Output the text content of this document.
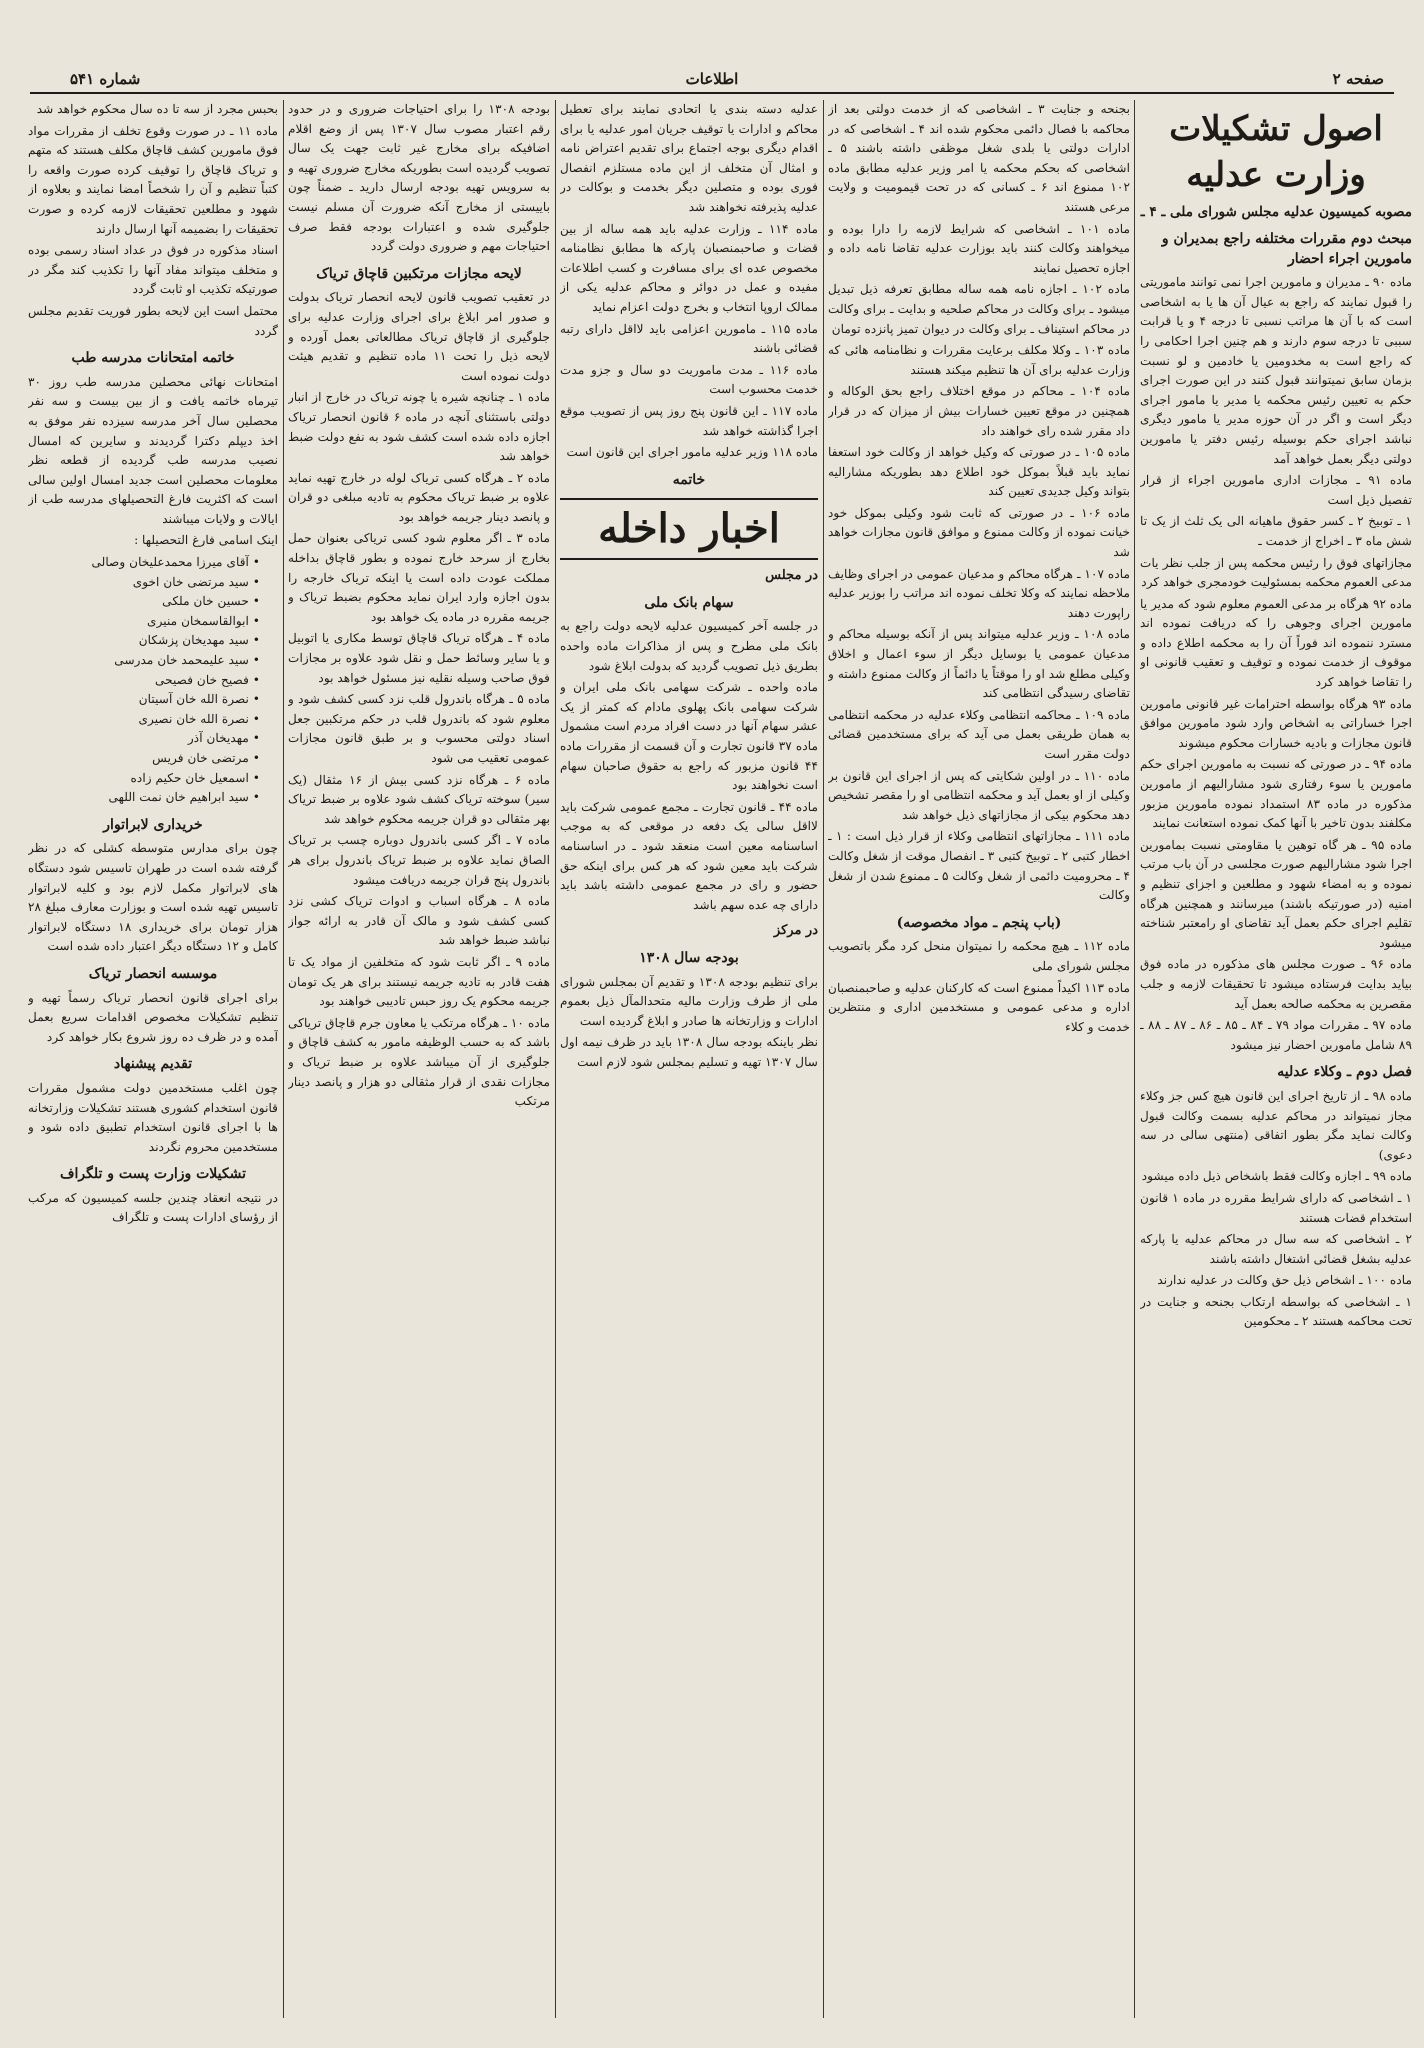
صفحه ۲
اطلاعات
شماره ۵۴۱
اصول تشکیلات وزارت عدلیه
مصوبه کمیسیون عدلیه مجلس شورای ملی ـ ۴ ـ
مبحث دوم مقررات مختلفه راجع بمدیران و مامورین اجراء احضار

ماده ۹۰ ـ مدیران و مامورین اجرا نمی توانند ماموریتی را قبول نمایند که راجع به عیال آن ها یا به اشخاصی است که با آن ها مراتب نسبی تا درجه ۴ و یا قرابت سببی تا درجه سوم دارند و هم چنین اجرا احکامی را که راجع است به مخدومین یا خادمین و لو نسبت بزمان سابق نمیتوانند قبول کنند در این صورت اجرای حکم به تعیین رئیس محکمه یا مدیر یا مامور اجرای دیگر است و اگر در آن حوزه مدیر یا مامور دیگری نباشد اجرای حکم بوسیله رئیس دفتر یا مامورین دولتی دیگر بعمل خواهد آمد

ماده ۹۱ ـ مجازات اداری مامورین اجراء از قرار تفصیل ذیل است

۱ ـ توبیخ ۲ ـ کسر حقوق ماهیانه الی یک ثلث از یک تا شش ماه ۳ ـ اخراج از خدمت ـ

مجازاتهای فوق را رئیس محکمه پس از جلب نظر یات مدعی العموم محکمه بمسئولیت خودمجری خواهد کرد

ماده ۹۲ هرگاه بر مدعی العموم معلوم شود که مدیر یا مامورین اجرای وجوهی را که دریافت نموده اند مسترد ننموده اند فوراً آن را به محکمه اطلاع داده و موقوف از خدمت نموده و توقیف و تعقیب قانونی او را تقاضا خواهد کرد

ماده ۹۳ هرگاه بواسطه احترامات غیر قانونی مامورین اجرا خساراتی به اشخاص وارد شود مامورین موافق قانون مجازات و بادیه خسارات محکوم میشوند

ماده ۹۴ ـ در صورتی که نسبت به مامورین اجرای حکم مامورین یا سوء رفتاری شود مشاراليهم از مامورین مذکوره در ماده ۸۳ استمداد نموده مامورین مزبور مکلفند بدون تاخیر با آنها کمک نموده استعانت نمایند

ماده ۹۵ ـ هر گاه توهین یا مقاومتی نسبت بمامورین اجرا شود مشارالیهم صورت مجلسی در آن باب مرتب نموده و به امضاء شهود و مطلعین و اجزای تنظیم و امنیه (در صورتیکه باشند) میرسانند و همچنین هرگاه تقلیم اجرای حکم بعمل آید تقاضای او رامعتبر شناخته میشود

ماده ۹۶ ـ صورت مجلس های مذکوره در ماده فوق بیاید بدایت فرستاده میشود تا تحقیقات لازمه و جلب مقصرین به محکمه صالحه بعمل آید

ماده ۹۷ ـ مقررات مواد ۷۹ ـ ۸۴ ـ ۸۵ ـ ۸۶ ـ ۸۷ ـ ۸۸ ـ ۸۹ شامل مامورین احضار نیز میشود

فصل دوم ـ وکلاء عدلیه

ماده ۹۸ ـ از تاریخ اجرای این قانون هیچ کس جز وکلاء مجاز نمیتواند در محاکم عدلیه بسمت وکالت قبول وکالت نماید مگر بطور اتفاقی (منتهی سالی در سه دعوی)

ماده ۹۹ ـ اجازه وکالت فقط باشخاص ذیل داده میشود

۱ ـ اشخاصی که دارای شرایط مقرره در ماده ۱ قانون استخدام قضات هستند

۲ ـ اشخاصی که سه سال در محاکم عدلیه یا پارکه عدلیه بشغل قضائی اشتغال داشته باشند

ماده ۱۰۰ ـ اشخاص ذیل حق وکالت در عدلیه ندارند

۱ ـ اشخاصی که بواسطه ارتکاب بجنحه و جنایت در تحت محاکمه هستند ۲ ـ محکومین

بجنحه و جنایت ۳ ـ اشخاصی که از خدمت دولتی بعد از محاکمه با فصال دائمی محکوم شده اند ۴ ـ اشخاصی که در ادارات دولتی یا بلدی شغل موظفی داشته باشند ۵ ـ اشخاصی که بحکم محکمه یا امر وزیر عدلیه مطابق ماده ۱۰۲ ممنوع اند ۶ ـ کسانی که در تحت قیمومیت و ولایت مرعی هستند

ماده ۱۰۱ ـ اشخاصی که شرایط لازمه را دارا بوده و میخواهند وکالت کنند باید بوزارت عدلیه تقاضا نامه داده و اجازه تحصیل نمایند

ماده ۱۰۲ ـ اجازه نامه همه ساله مطابق تعرفه ذیل تبدیل میشود ـ برای وکالت در محاکم صلحیه و بدایت ـ برای وکالت در محاکم استیناف ـ برای وکالت در دیوان تمیز پانزده تومان

ماده ۱۰۳ ـ وکلا مکلف برعایت مقررات و نظامنامه هائی که وزارت عدلیه برای آن ها تنظیم میکند هستند

ماده ۱۰۴ ـ محاکم در موقع اختلاف راجع بحق الوکاله و همچنین در موقع تعیین خسارات بیش از میزان که در قرار داد مقرر شده رای خواهند داد

ماده ۱۰۵ ـ در صورتی که وکیل خواهد از وکالت خود استعفا نماید باید قبلاً بموکل خود اطلاع دهد بطوریکه مشارالیه بتواند وکیل جدیدی تعیین کند

ماده ۱۰۶ ـ در صورتی که ثابت شود وکیلی بموکل خود خیانت نموده از وکالت ممنوع و موافق قانون مجازات خواهد شد

ماده ۱۰۷ ـ هرگاه محاکم و مدعیان عمومی در اجرای وظایف ملاحظه نمایند که وکلا تخلف نموده اند مراتب را بوزیر عدلیه راپورت دهند

ماده ۱۰۸ ـ وزیر عدلیه میتواند پس از آنکه بوسیله محاکم و مدعیان عمومی یا بوسایل دیگر از سوء اعمال و اخلاق وکیلی مطلع شد او را موقتاً یا دائماً از وکالت ممنوع داشته و تقاضای رسیدگی انتظامی کند

ماده ۱۰۹ ـ محاکمه انتظامی وکلاء عدلیه در محکمه انتظامی به همان طریقی بعمل می آید که برای مستخدمین قضائی دولت مقرر است

ماده ۱۱۰ ـ در اولین شکایتی که پس از اجرای این قانون بر وکیلی از او بعمل آید و محکمه انتظامی او را مقصر تشخیص دهد محکوم بیکی از مجازاتهای ذیل خواهد شد

ماده ۱۱۱ ـ مجازاتهای انتظامی وکلاء از قرار ذیل است : ۱ ـ اخطار کتبی ۲ ـ توبیخ کتبی ۳ ـ انفصال موقت از شغل وکالت ۴ ـ محرومیت دائمی از شغل وکالت ۵ ـ ممنوع شدن از شغل وکالت

(باب پنجم ـ مواد مخصوصه)

ماده ۱۱۲ ـ هیچ محکمه را نمیتوان منحل کرد مگر باتصویب مجلس شورای ملی

ماده ۱۱۳ اکیداً ممنوع است که کارکنان عدلیه و صاحبمنصبان اداره و مدعی عمومی و مستخدمین اداری و منتظرین خدمت و کلاء

عدلیه دسته بندی یا اتحادی نمایند برای تعطیل محاکم و ادارات یا توقیف جریان امور عدلیه یا برای اقدام دیگری بوجه اجتماع برای تقدیم اعتراض نامه و امثال آن متخلف از این ماده مستلزم انفصال فوری بوده و متصلین دیگر بخدمت و بوکالت در عدلیه پذیرفته نخواهند شد

ماده ۱۱۴ ـ وزارت عدلیه باید همه ساله از بین قضات و صاحبمنصبان پارکه ها مطابق نظامنامه مخصوص عده ای برای مسافرت و کسب اطلاعات مفیده و عمل در دوائر و محاکم عدلیه یکی از ممالک اروپا انتخاب و بخرج دولت اعزام نماید

ماده ۱۱۵ ـ مامورین اعزامی باید لااقل دارای رتبه قضائی باشند

ماده ۱۱۶ ـ مدت ماموریت دو سال و جزو مدت خدمت محسوب است

ماده ۱۱۷ ـ این قانون پنج روز پس از تصویب موقع اجرا گذاشته خواهد شد

ماده ۱۱۸ وزیر عدلیه مامور اجرای این قانون است

خاتمه
اخبار داخله
در مجلس
سهام بانک ملی

در جلسه آخر کمیسیون عدلیه لایحه دولت راجع به بانک ملی مطرح و پس از مذاکرات ماده واحده بطریق ذیل تصویب گردید که بدولت ابلاغ شود

ماده واحده ـ شرکت سهامی بانک ملی ایران و شرکت سهامی بانک پهلوی مادام که کمتر از یک عشر سهام آنها در دست افراد مردم است مشمول ماده ۳۷ قانون تجارت و آن قسمت از مقررات ماده ۴۴ قانون مزبور که راجع به حقوق صاحبان سهام است نخواهند بود

ماده ۴۴ ـ قانون تجارت ـ مجمع عمومی شرکت باید لااقل سالی یک دفعه در موقعی که به موجب اساسنامه معین است منعقد شود ـ در اساسنامه شرکت باید معین شود که هر کس برای اینکه حق حضور و رای در مجمع عمومی داشته باشد باید دارای چه عده سهم باشد

در مرکز
بودجه سال ۱۳۰۸

برای تنظیم بودجه ۱۳۰۸ و تقدیم آن بمجلس شورای ملی از طرف وزارت مالیه متحدالمآل ذیل بعموم ادارات و وزارتخانه ها صادر و ابلاغ گردیده است

نظر باینکه بودجه سال ۱۳۰۸ باید در ظرف نیمه اول سال ۱۳۰۷ تهیه و تسلیم بمجلس شود لازم است

بودجه ۱۳۰۸ را برای احتیاجات ضروری و در حدود رقم اعتبار مصوب سال ۱۳۰۷ پس از وضع اقلام اضافیکه برای مخارج غیر ثابت جهت یک سال تصویب گردیده است بطوریکه مخارج ضروری تهیه و به سرویس تهیه بودجه ارسال دارید ـ ضمناً چون باییستی از مخارج آنکه ضرورت آن مسلم نیست جلوگیری شده و اعتبارات بودجه فقط صرف احتیاجات مهم و ضروری دولت گردد

لایحه مجازات مرتکبین قاچاق تریاک

در تعقیب تصویب قانون لایحه انحصار تریاک بدولت و صدور امر ابلاغ برای اجرای وزارت عدلیه برای جلوگیری از قاچاق تریاک مطالعاتی بعمل آورده و لایحه ذیل را تحت ۱۱ ماده تنظیم و تقدیم هیئت دولت نموده است

ماده ۱ ـ چنانچه شیره یا چونه تریاک در خارج از انبار دولتی باستثنای آنچه در ماده ۶ قانون انحصار تریاک اجازه داده شده است کشف شود به نفع دولت ضبط خواهد شد

ماده ۲ ـ هرگاه کسی تریاک لوله در خارج تهیه نماید علاوه بر ضبط تریاک محکوم به تادیه مبلغی دو قران و پانصد دینار جریمه خواهد بود

ماده ۳ ـ اگر معلوم شود کسی تریاکی بعنوان حمل بخارج از سرحد خارج نموده و بطور قاچاق بداخله مملکت عودت داده است یا اینکه تریاک خارجه را بدون اجازه وارد ایران نماید محکوم بضبط تریاک و جریمه مقرره در ماده یک خواهد بود

ماده ۴ ـ هرگاه تریاک قاچاق توسط مکاری یا اتوبیل و یا سایر وسائط حمل و نقل شود علاوه بر مجازات فوق صاحب وسیله نقلیه نیز مسئول خواهد بود

ماده ۵ ـ هرگاه باندرول قلب نزد کسی کشف شود و معلوم شود که باندرول قلب در حکم مرتکبین جعل اسناد دولتی محسوب و بر طبق قانون مجازات عمومی تعقیب می شود

ماده ۶ ـ هرگاه نزد کسی بیش از ۱۶ مثقال (یک سیر) سوخته تریاک کشف شود علاوه بر ضبط تریاک بهر مثقالی دو قران جریمه محکوم خواهد شد

ماده ۷ ـ اگر کسی باندرول دوباره چسب بر تریاک الصاق نماید علاوه بر ضبط تریاک باندرول برای هر باندرول پنج قران جریمه دریافت میشود

ماده ۸ ـ هرگاه اسباب و ادوات تریاک کشی نزد کسی کشف شود و مالک آن قادر به ارائه جواز نباشد ضبط خواهد شد

ماده ۹ ـ اگر ثابت شود که متخلفین از مواد یک تا هفت قادر به تادیه جریمه نیستند برای هر یک تومان جریمه محکوم یک روز حبس تادیبی خواهند بود

ماده ۱۰ ـ هرگاه مرتکب یا معاون جرم قاچاق تریاکی باشد که به حسب الوظیفه مامور به کشف قاچاق و جلوگیری از آن میباشد علاوه بر ضبط تریاک و مجازات نقدی از قرار مثقالی دو هزار و پانصد دینار مرتکب

بحبس مجرد از سه تا ده سال محکوم خواهد شد

ماده ۱۱ ـ در صورت وقوع تخلف از مقررات مواد فوق مامورین کشف قاچاق مکلف هستند که متهم و تریاک قاچاق را توقیف کرده صورت واقعه را کتباً تنظیم و آن را شخصاً امضا نمایند و بعلاوه از شهود و مطلعین تحقیقات لازمه کرده و صورت تحقیقات را بضمیمه آنها ارسال دارند

اسناد مذکوره در فوق در عداد اسناد رسمی بوده و متخلف میتواند مفاد آنها را تکذیب کند مگر در صورتیکه تکذیب او ثابت گردد

محتمل است این لایحه بطور فوریت تقدیم مجلس گردد

خاتمه امتحانات مدرسه طب

امتحانات نهائی محصلین مدرسه طب روز ۳۰ تیرماه خاتمه یافت و از بین بیست و سه نفر محصلین سال آخر مدرسه سیزده نفر موفق به اخذ دیپلم دکترا گردیدند و سایرین که امسال نصیب مدرسه طب گردیده از قطعه نظر معلومات محصلین است جدید امسال اولین سالی است که اکثریت فارغ التحصیلهای مدرسه طب از ایالات و ولایات میباشند

اینک اسامی فارغ التحصیلها :

• آقای میرزا محمدعلیخان وصالی
• سید مرتضی خان اخوی
• حسین خان ملکی
• ابوالقاسمخان منیری
• سید مهدیخان پزشکان
• سید علیمحمد خان مدرسی
• فصیح خان فصیحی
• نصرة الله خان آسیتان
• نصرة الله خان نصیری
• مهدیخان آذر
• مرتضی خان فریس
• اسمعیل خان حکیم زاده
• سید ابراهیم خان نمت اللهی
خریداری لابراتوار

چون برای مدارس متوسطه کشلی که در نظر گرفته شده است در طهران تاسیس شود دستگاه های لابراتوار مکمل لازم بود و کلیه لابراتوار تاسیس تهیه شده است و بوزارت معارف مبلغ ۲۸ هزار تومان برای خریداری ۱۸ دستگاه لابراتوار کامل و ۱۲ دستگاه دیگر اعتبار داده شده است

موسسه انحصار تریاک

برای اجرای قانون انحصار تریاک رسماً تهیه و تنظیم تشکیلات مخصوص اقدامات سریع بعمل آمده و در ظرف ده روز شروع بکار خواهد کرد

تقدیم پیشنهاد

چون اغلب مستخدمین دولت مشمول مقررات قانون استخدام کشوری هستند تشکیلات وزارتخانه ها با اجرای قانون استخدام تطبیق داده شود و مستخدمین محروم نگردند

تشکیلات وزارت پست و تلگراف

در نتیجه انعقاد چندین جلسه کمیسیون که مرکب از رؤسای ادارات پست و تلگراف
